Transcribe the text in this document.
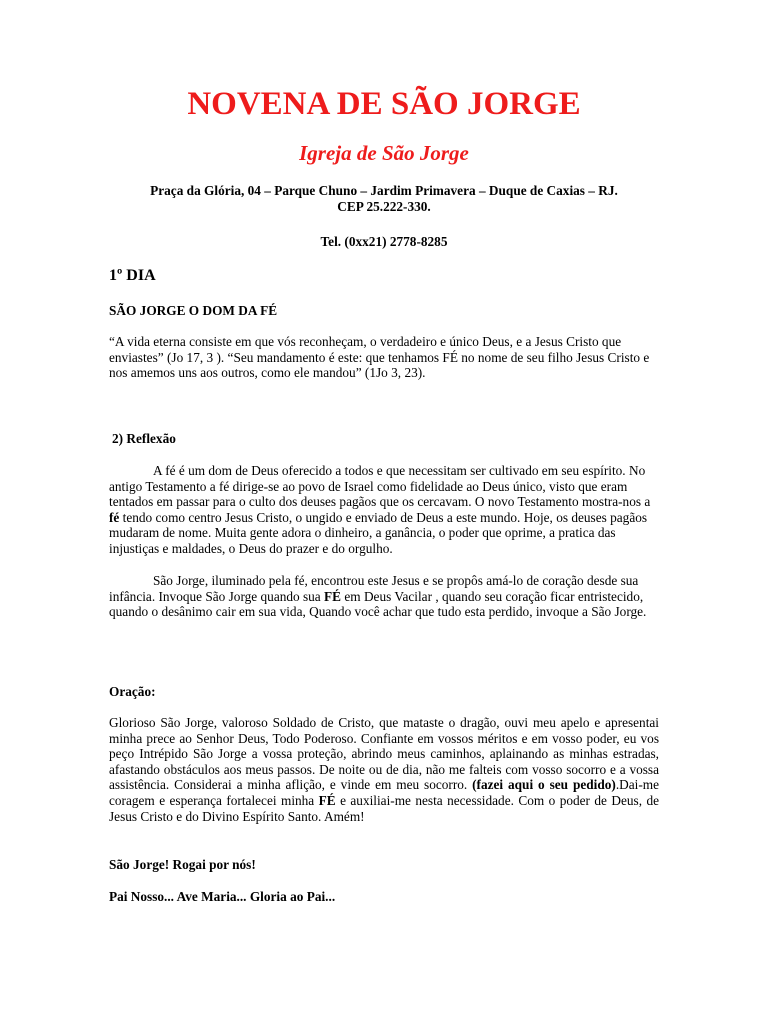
NOVENA DE SÃO JORGE
Igreja de São Jorge
Praça da Glória, 04 – Parque Chuno – Jardim Primavera – Duque de Caxias – RJ.
CEP 25.222-330.
Tel. (0xx21) 2778-8285
1º DIA
SÃO JORGE O DOM DA FÉ

“A vida eterna consiste em que vós reconheçam, o verdadeiro e único Deus, e a Jesus Cristo que enviastes” (Jo 17, 3 ). “Seu mandamento é este: que tenhamos FÉ no nome de seu filho Jesus Cristo e nos amemos uns aos outros, como ele mandou” (1Jo 3, 23).

2) Reflexão

A fé é um dom de Deus oferecido a todos e que necessitam ser cultivado em seu espírito. No antigo Testamento a fé dirige-se ao povo de Israel como fidelidade ao Deus único, visto que eram tentados em passar para o culto dos deuses pagãos que os cercavam. O novo Testamento mostra-nos a fé tendo como centro Jesus Cristo, o ungido e enviado de Deus a este mundo. Hoje, os deuses pagãos mudaram de nome. Muita gente adora o dinheiro, a ganância, o poder que oprime, a pratica das injustiças e maldades, o Deus do prazer e do orgulho.

São Jorge, iluminado pela fé, encontrou este Jesus e se propôs amá-lo de coração desde sua infância. Invoque São Jorge quando sua FÉ em Deus Vacilar , quando seu coração ficar entristecido, quando o desânimo cair em sua vida, Quando você achar que tudo esta perdido, invoque a São Jorge.

Oração:

Glorioso São Jorge, valoroso Soldado de Cristo, que mataste o dragão, ouvi meu apelo e apresentai minha prece ao Senhor Deus, Todo Poderoso. Confiante em vossos méritos e em vosso poder, eu vos peço Intrépido São Jorge a vossa proteção, abrindo meus caminhos, aplainando as minhas estradas, afastando obstáculos aos meus passos. De noite ou de dia, não me falteis com vosso socorro e a vossa assistência. Considerai a minha aflição, e vinde em meu socorro. (fazei aqui o seu pedido).Dai-me coragem e esperança fortalecei minha FÉ e auxiliai-me nesta necessidade. Com o poder de Deus, de Jesus Cristo e do Divino Espírito Santo. Amém!

São Jorge! Rogai por nós!
Pai Nosso... Ave Maria... Gloria ao Pai...
